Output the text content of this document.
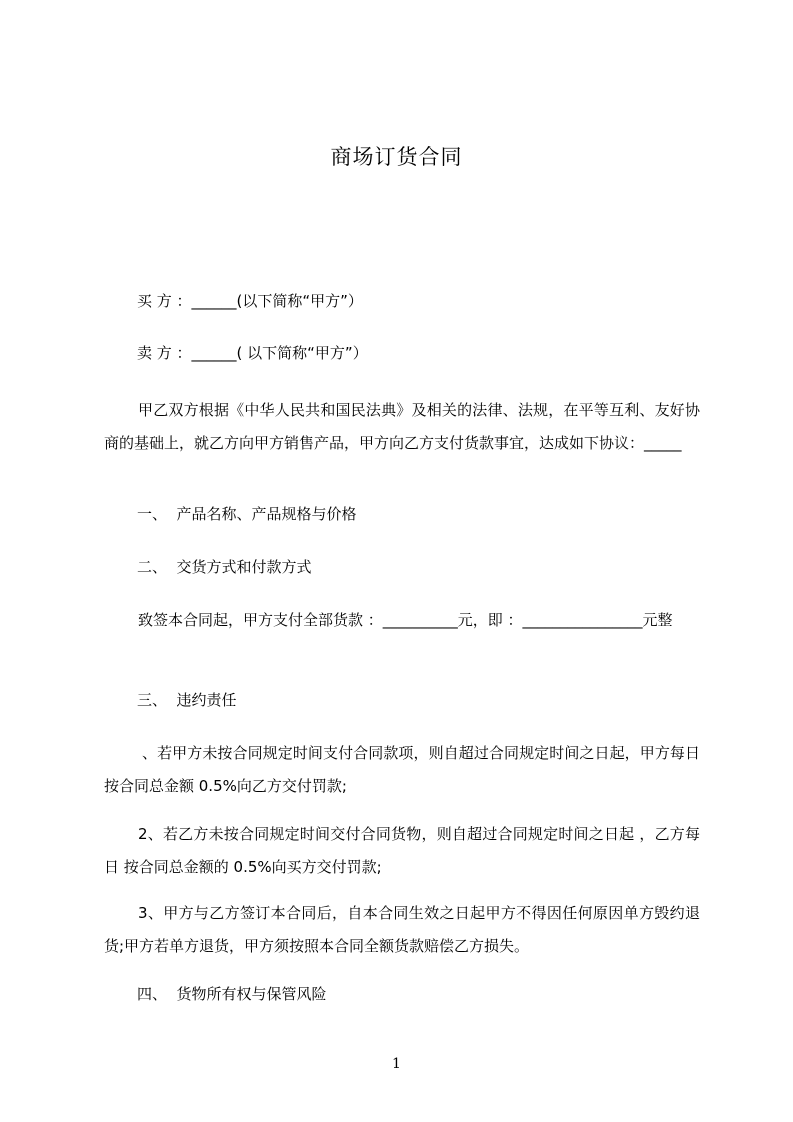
商场订货合同
买 方 ：______(以下简称“甲方”）
卖 方 ：______( 以下简称“甲方”）
甲乙双方根据《中华人民共和国民法典》及相关的法律、法规，在平等互利、友好协商的基础上，就乙方向甲方销售产品，甲方向乙方支付货款事宜，达成如下协议：_____
一、  产品名称、产品规格与价格
二、  交货方式和付款方式
致签本合同起，甲方支付全部货款 ：__________元，即 ：________________元整
三、  违约责任
、若甲方未按合同规定时间支付合同款项，则自超过合同规定时间之日起，甲方每日 按合同总金额 0.5%向乙方交付罚款;
2、若乙方未按合同规定时间交付合同货物，则自超过合同规定时间之日起 ，乙方每日 按合同总金额的 0.5%向买方交付罚款;
3、甲方与乙方签订本合同后，自本合同生效之日起甲方不得因任何原因单方毁约退货;甲方若单方退货，甲方须按照本合同全额货款赔偿乙方损失。
四、  货物所有权与保管风险
1
